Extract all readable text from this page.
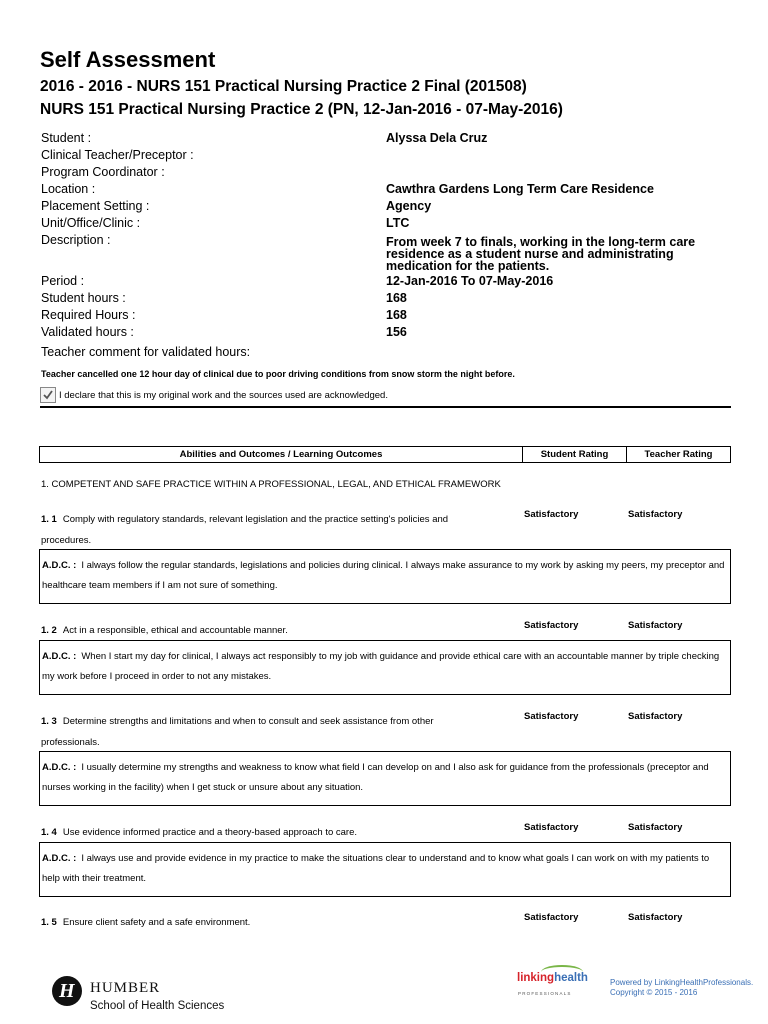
Self Assessment
2016 - 2016 - NURS 151 Practical Nursing Practice 2 Final (201508)
NURS 151 Practical Nursing Practice 2 (PN, 12-Jan-2016 - 07-May-2016)
Student :	Alyssa Dela Cruz
Clinical Teacher/Preceptor :
Program Coordinator :
Location :	Cawthra Gardens Long Term Care Residence
Placement Setting :	Agency
Unit/Office/Clinic :	LTC
Description :	From week 7 to finals, working in the long-term care residence as a student nurse and administrating medication for the patients.
Period :	12-Jan-2016 To 07-May-2016
Student hours :	168
Required Hours :	168
Validated hours :	156
Teacher comment for validated hours:
Teacher cancelled one 12 hour day of clinical due to poor driving conditions from snow storm the night before.
I declare that this is my original work and the sources used are acknowledged.
Abilities and Outcomes / Learning Outcomes	Student Rating	Teacher Rating
1. COMPETENT AND SAFE PRACTICE WITHIN A PROFESSIONAL, LEGAL, AND ETHICAL FRAMEWORK
1. 1 Comply with regulatory standards, relevant legislation and the practice setting's policies and procedures.
Satisfactory	Satisfactory
A.D.C. : I always follow the regular standards, legislations and policies during clinical. I always make assurance to my work by asking my peers, my preceptor and healthcare team members if I am not sure of something.
1. 2 Act in a responsible, ethical and accountable manner.	Satisfactory	Satisfactory
A.D.C. : When I start my day for clinical, I always act responsibly to my job with guidance and provide ethical care with an accountable manner by triple checking my work before I proceed in order to not any mistakes.
1. 3 Determine strengths and limitations and when to consult and seek assistance from other professionals.
Satisfactory	Satisfactory
A.D.C. : I usually determine my strengths and weakness to know what field I can develop on and I also ask for guidance from the professionals (preceptor and nurses working in the facility) when I get stuck or unsure about any situation.
1. 4 Use evidence informed practice and a theory-based approach to care.	Satisfactory	Satisfactory
A.D.C. : I always use and provide evidence in my practice to make the situations clear to understand and to know what goals I can work on with my patients to help with their treatment.
1. 5 Ensure client safety and a safe environment.	Satisfactory	Satisfactory
H HUMBER
School of Health Sciences
linkinghealth
PROFESSIONALS
Powered by LinkingHealthProfessionals.
Copyright © 2015 - 2016
